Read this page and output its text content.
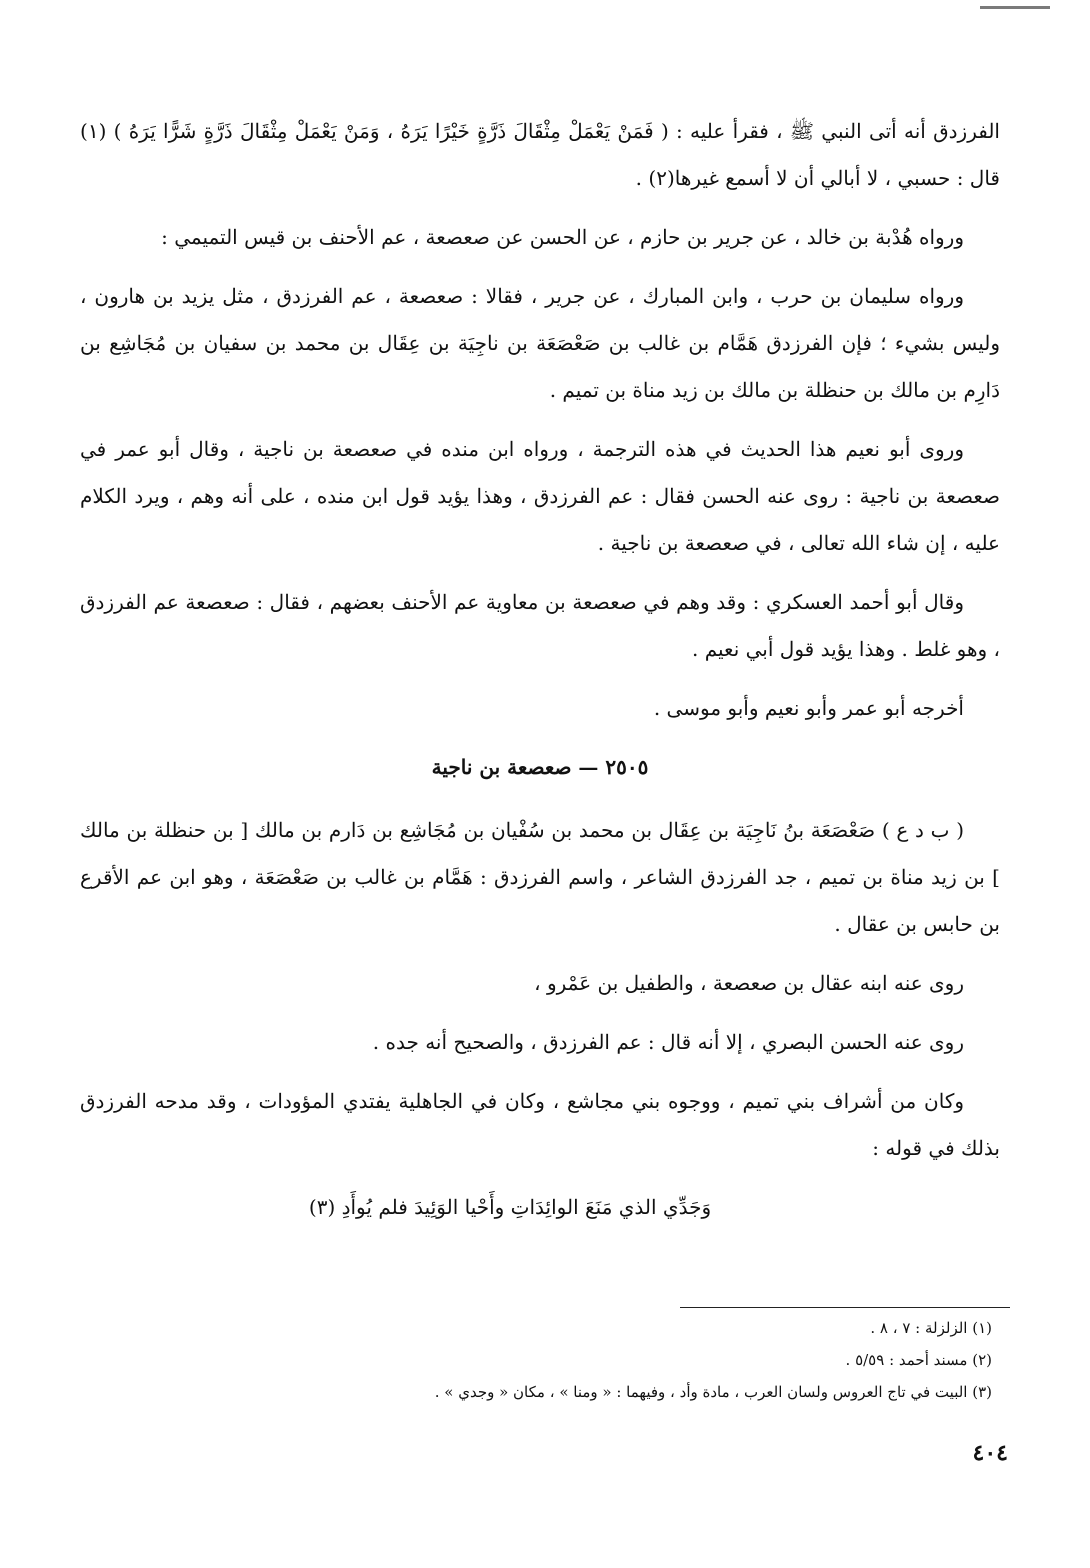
الفرزدق أنه أتى النبي ﷺ ، فقرأ عليه : ( فَمَنْ يَعْمَلْ مِثْقَالَ ذَرَّةٍ خَيْرًا يَرَهُ ، وَمَنْ يَعْمَلْ مِثْقَالَ ذَرَّةٍ شَرًّا يَرَهُ ) (١) قال : حسبي ، لا أبالي أن لا أسمع غيرها(٢) .

ورواه هُدْبة بن خالد ، عن جرير بن حازم ، عن الحسن عن صعصعة ، عم الأحنف بن قيس التميمي :

ورواه سليمان بن حرب ، وابن المبارك ، عن جرير ، فقالا : صعصعة ، عم الفرزدق ، مثل يزيد بن هارون ، وليس بشيء ؛ فإن الفرزدق هَمَّام بن غالب بن صَعْصَعَة بن ناجِيَة بن عِقَال بن محمد بن سفيان بن مُجَاشِع بن دَارِم بن مالك بن حنظلة بن مالك بن زيد مناة بن تميم .

وروى أبو نعيم هذا الحديث في هذه الترجمة ، ورواه ابن منده في صعصعة بن ناجية ، وقال أبو عمر في صعصعة بن ناجية : روى عنه الحسن فقال : عم الفرزدق ، وهذا يؤيد قول ابن منده ، على أنه وهم ، ويرد الكلام عليه ، إن شاء الله تعالى ، في صعصعة بن ناجية .

وقال أبو أحمد العسكري : وقد وهم في صعصعة بن معاوية عم الأحنف بعضهم ، فقال : صعصعة عم الفرزدق ، وهو غلط . وهذا يؤيد قول أبي نعيم .

أخرجه أبو عمر وأبو نعيم وأبو موسى .

٢٥٠٥ — صعصعة بن ناجية

( ب د ع ) صَعْصَعَة بنُ نَاجِيَة بن عِقَال بن محمد بن سُفْيان بن مُجَاشِع بن دَارم بن مالك [ بن حنظلة بن مالك ] بن زيد مناة بن تميم ، جد الفرزدق الشاعر ، واسم الفرزدق : هَمَّام بن غالب بن صَعْصَعَة ، وهو ابن عم الأقرع بن حابس بن عقال .

روى عنه ابنه عقال بن صعصعة ، والطفيل بن عَمْرو ،

روى عنه الحسن البصري ، إلا أنه قال : عم الفرزدق ، والصحيح أنه جده .

وكان من أشراف بني تميم ، ووجوه بني مجاشع ، وكان في الجاهلية يفتدي المؤودات ، وقد مدحه الفرزدق بذلك في قوله :

وَجَدِّي الذي مَنَعَ الوائِدَاتِ وأَحْيا الوَئِيدَ فلم يُوأَدِ (٣)

(١) الزلزلة : ٧ ، ٨ .
(٢) مسند أحمد : ٥/٥٩ .
(٣) البيت في تاج العروس ولسان العرب ، مادة وأد ، وفيهما : « ومنا » ، مكان « وجدي » .
٤٠٤
